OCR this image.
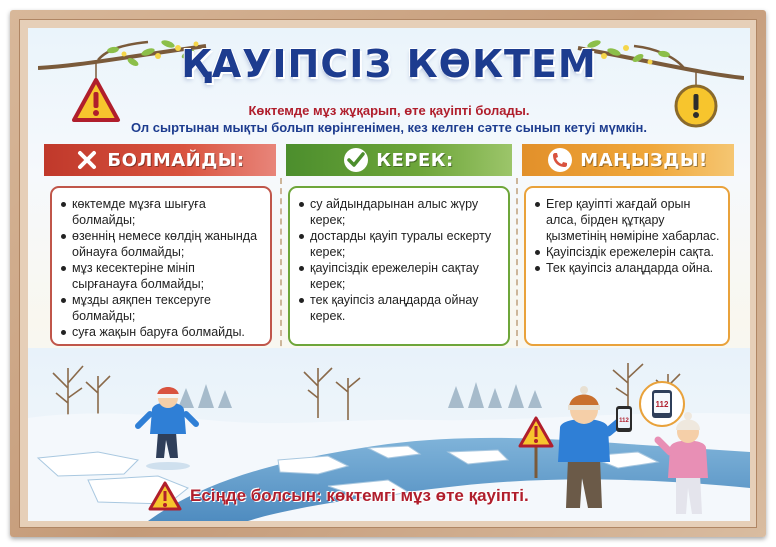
ҚАУІПСІЗ КӨКТЕМ
Көктемде мұз жұқарып, өте қауіпті болады.
Ол сыртынан мықты болып көрінгенімен, кез келген сәтте сынып кетуі мүмкін.
БОЛМАЙДЫ:	КЕРЕК:	МАҢЫЗДЫ!
көктемде мұзға шығуға болмайды;
өзеннің немесе көлдің жанында ойнауға болмайды;
мұз кесектеріне мініп сырғанауға болмайды;
мұзды аяқпен тексеруге болмайды;
суға жақын баруға болмайды.
су айдындарынан алыс жүру керек;
достарды қауіп туралы ескерту керек;
қауіпсіздік ережелерін сақтау керек;
тек қауіпсіз алаңдарда ойнау керек.
Егер қауіпті жағдай орын алса, бірден құтқару қызметінің нөміріне хабарлас.
Қауіпсіздік ережелерін сақта.
Тек қауіпсіз алаңдарда ойна.
112
112
Есіңде болсын: көктемгі мұз өте қауіпті.
